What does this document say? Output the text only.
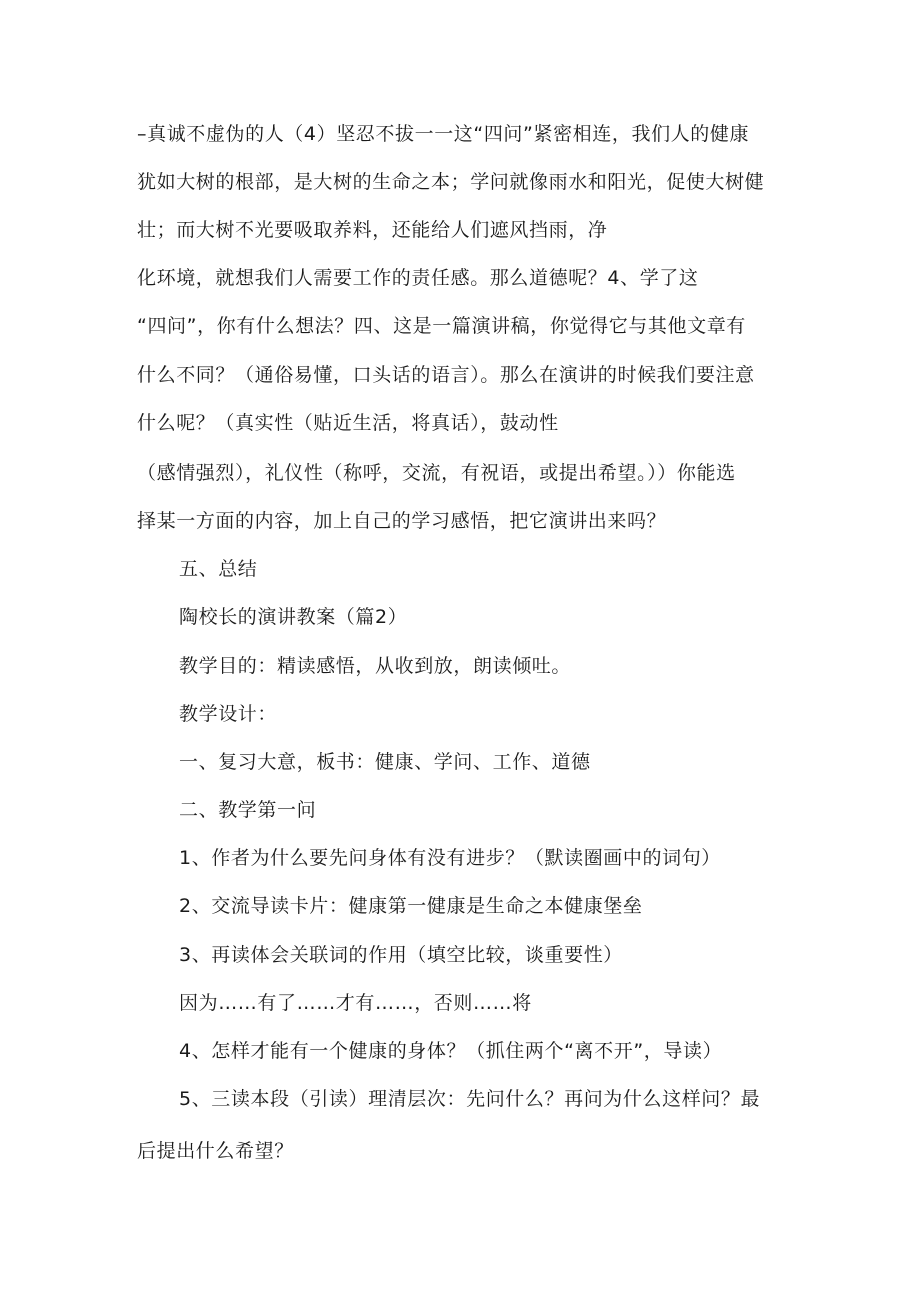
–真诚不虚伪的人（4）坚忍不拔一一这“四问”紧密相连，我们人的健康
犹如大树的根部，是大树的生命之本；学问就像雨水和阳光，促使大树健
壮；而大树不光要吸取养料，还能给人们遮风挡雨，净
化环境，就想我们人需要工作的责任感。那么道德呢？4、学了这
“四问”，你有什么想法？四、这是一篇演讲稿，你觉得它与其他文章有
什么不同？（通俗易懂，口头话的语言）。那么在演讲的时候我们要注意
什么呢？（真实性（贴近生活，将真话），鼓动性
（感情强烈），礼仪性（称呼，交流，有祝语，或提出希望。））你能选
择某一方面的内容，加上自己的学习感悟，把它演讲出来吗？
五、总结
陶校长的演讲教案（篇2）
教学目的：精读感悟，从收到放，朗读倾吐。
教学设计：
一、复习大意，板书：健康、学问、工作、道德
二、教学第一问
1、作者为什么要先问身体有没有进步？（默读圈画中的词句）
2、交流导读卡片：健康第一健康是生命之本健康堡垒
3、再读体会关联词的作用（填空比较，谈重要性）
因为……有了……才有……，否则……将
4、怎样才能有一个健康的身体？（抓住两个“离不开”，导读）
5、三读本段（引读）理清层次：先问什么？再问为什么这样问？最
后提出什么希望？
